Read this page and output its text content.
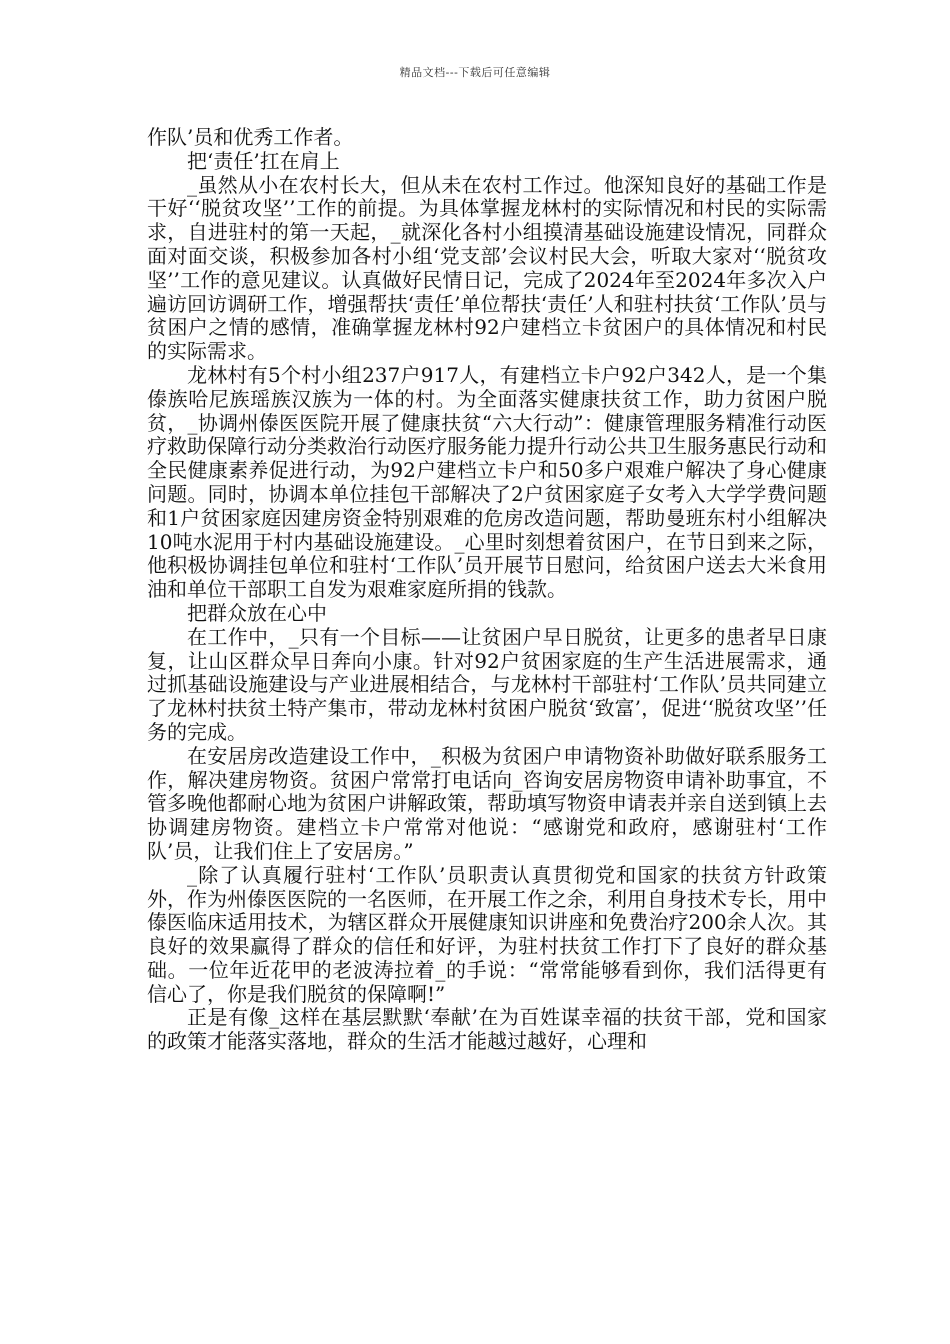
精品文档---下载后可任意编辑

作队’员和优秀工作者。

把‘责任’扛在肩上

_虽然从小在农村长大，但从未在农村工作过。他深知良好的基础工作是干好‘‘脱贫攻坚’’工作的前提。为具体掌握龙林村的实际情况和村民的实际需求，自进驻村的第一天起，_就深化各村小组摸清基础设施建设情况，同群众面对面交谈，积极参加各村小组‘党支部’会议村民大会，听取大家对‘‘脱贫攻坚’’工作的意见建议。认真做好民情日记，完成了2024年至2024年多次入户遍访回访调研工作，增强帮扶‘责任’单位帮扶‘责任’人和驻村扶贫‘工作队’员与贫困户之情的感情，准确掌握龙林村92户建档立卡贫困户的具体情况和村民的实际需求。

龙林村有5个村小组237户917人，有建档立卡户92户342人，是一个集傣族哈尼族瑶族汉族为一体的村。为全面落实健康扶贫工作，助力贫困户脱贫，_协调州傣医医院开展了健康扶贫“六大行动”：健康管理服务精准行动医疗救助保障行动分类救治行动医疗服务能力提升行动公共卫生服务惠民行动和全民健康素养促进行动，为92户建档立卡户和50多户艰难户解决了身心健康问题。同时，协调本单位挂包干部解决了2户贫困家庭子女考入大学学费问题和1户贫困家庭因建房资金特别艰难的危房改造问题，帮助曼班东村小组解决10吨水泥用于村内基础设施建设。_心里时刻想着贫困户，在节日到来之际，他积极协调挂包单位和驻村‘工作队’员开展节日慰问，给贫困户送去大米食用油和单位干部职工自发为艰难家庭所捐的钱款。

把群众放在心中

在工作中，_只有一个目标——让贫困户早日脱贫，让更多的患者早日康复，让山区群众早日奔向小康。针对92户贫困家庭的生产生活进展需求，通过抓基础设施建设与产业进展相结合，与龙林村干部驻村‘工作队’员共同建立了龙林村扶贫土特产集市，带动龙林村贫困户脱贫‘致富’，促进‘‘脱贫攻坚’’任务的完成。

在安居房改造建设工作中，_积极为贫困户申请物资补助做好联系服务工作，解决建房物资。贫困户常常打电话向_咨询安居房物资申请补助事宜，不管多晚他都耐心地为贫困户讲解政策，帮助填写物资申请表并亲自送到镇上去协调建房物资。建档立卡户常常对他说：“感谢党和政府，感谢驻村‘工作队’员，让我们住上了安居房。”

_除了认真履行驻村‘工作队’员职责认真贯彻党和国家的扶贫方针政策外，作为州傣医医院的一名医师，在开展工作之余，利用自身技术专长，用中傣医临床适用技术，为辖区群众开展健康知识讲座和免费治疗200余人次。其良好的效果赢得了群众的信任和好评，为驻村扶贫工作打下了良好的群众基础。一位年近花甲的老波涛拉着_的手说：“常常能够看到你，我们活得更有信心了，你是我们脱贫的保障啊!”

正是有像_这样在基层默默‘奉献’在为百姓谋幸福的扶贫干部，党和国家的政策才能落实落地，群众的生活才能越过越好，心理和
